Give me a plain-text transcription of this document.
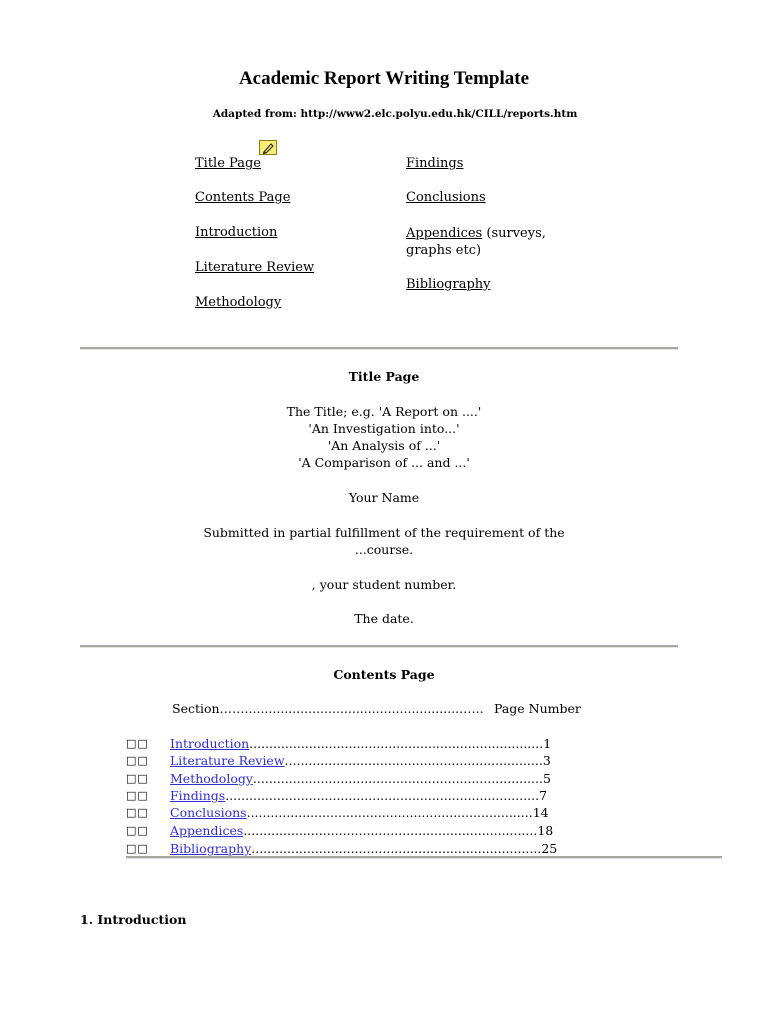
Academic Report Writing Template
Adapted from: http://www2.elc.polyu.edu.hk/CILL/reports.htm
Title Page
Contents Page
Introduction
Literature Review
Methodology
Findings
Conclusions
Appendices (surveys, graphs etc)
Bibliography
Title Page
The Title; e.g. 'A Report on ....'
'An Investigation into...'
'An Analysis of ...'
'A Comparison of ... and ...'
Your Name
Submitted in partial fulfillment of the requirement of the
...course.
, your student number.
The date.
Contents Page
Section…….......................................................….. Page Number
□□	Introduction .......................................................................... 1
□□	Literature Review ................................................................. 3
□□	Methodology ......................................................................... 5
□□	Findings ............................................................................... 7
□□	Conclusions ........................................................................ 14
□□	Appendices .......................................................................... 18
□□	Bibliography ......................................................................... 25
1. Introduction
